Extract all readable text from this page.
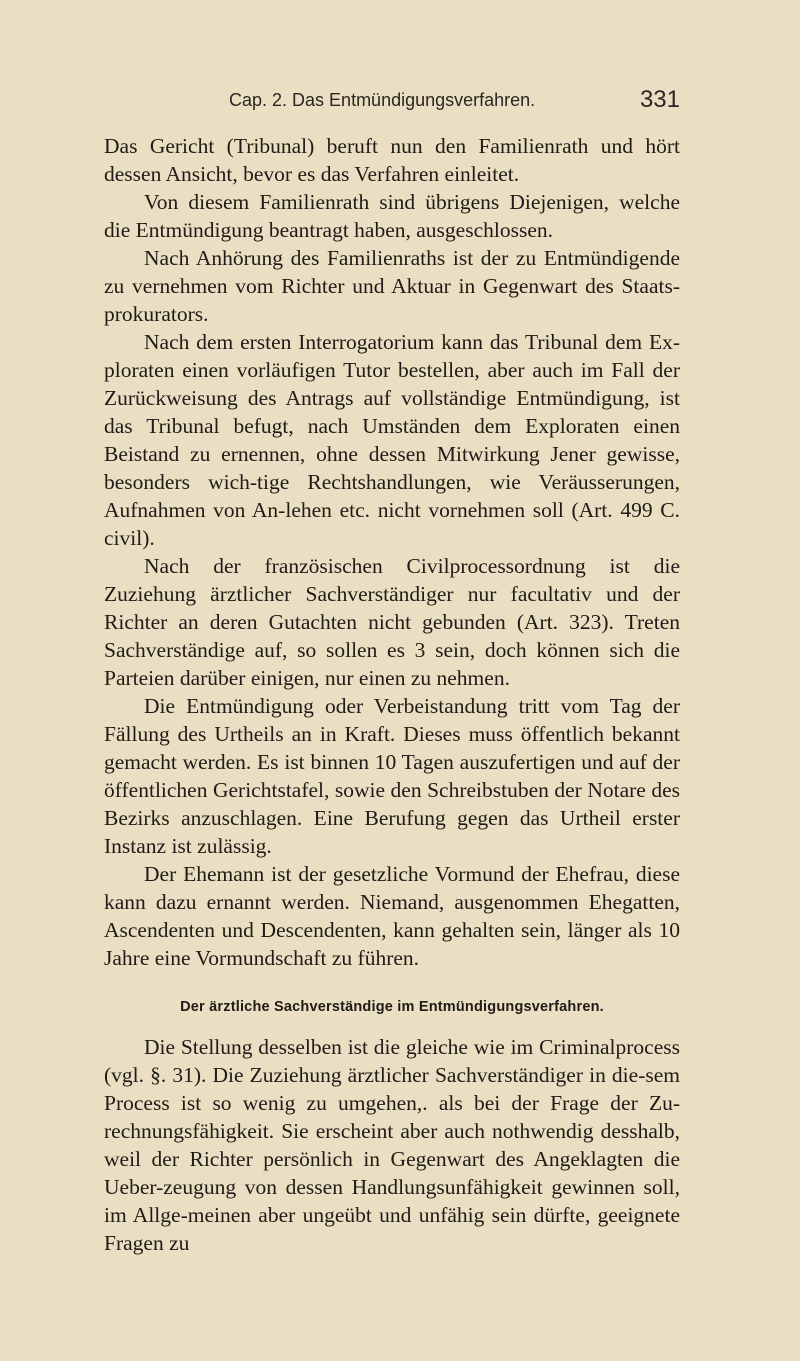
Cap. 2. Das Entmündigungsverfahren.	331

Das Gericht (Tribunal) beruft nun den Familienrath und hört dessen Ansicht, bevor es das Verfahren einleitet.

Von diesem Familienrath sind übrigens Diejenigen, welche die Entmündigung beantragt haben, ausgeschlossen.

Nach Anhörung des Familienraths ist der zu Entmündigende zu vernehmen vom Richter und Aktuar in Gegenwart des Staats-prokurators.

Nach dem ersten Interrogatorium kann das Tribunal dem Ex-ploraten einen vorläufigen Tutor bestellen, aber auch im Fall der Zurückweisung des Antrags auf vollständige Entmündigung, ist das Tribunal befugt, nach Umständen dem Exploraten einen Beistand zu ernennen, ohne dessen Mitwirkung Jener gewisse, besonders wich-tige Rechtshandlungen, wie Veräusserungen, Aufnahmen von An-lehen etc. nicht vornehmen soll (Art. 499 C. civil).

Nach der französischen Civilprocessordnung ist die Zuziehung ärztlicher Sachverständiger nur facultativ und der Richter an deren Gutachten nicht gebunden (Art. 323). Treten Sachverständige auf, so sollen es 3 sein, doch können sich die Parteien darüber einigen, nur einen zu nehmen.

Die Entmündigung oder Verbeistandung tritt vom Tag der Fällung des Urtheils an in Kraft. Dieses muss öffentlich bekannt gemacht werden. Es ist binnen 10 Tagen auszufertigen und auf der öffentlichen Gerichtstafel, sowie den Schreibstuben der Notare des Bezirks anzuschlagen. Eine Berufung gegen das Urtheil erster Instanz ist zulässig.

Der Ehemann ist der gesetzliche Vormund der Ehefrau, diese kann dazu ernannt werden. Niemand, ausgenommen Ehegatten, Ascendenten und Descendenten, kann gehalten sein, länger als 10 Jahre eine Vormundschaft zu führen.

Der ärztliche Sachverständige im Entmündigungsverfahren.

Die Stellung desselben ist die gleiche wie im Criminalprocess (vgl. §. 31). Die Zuziehung ärztlicher Sachverständiger in die-sem Process ist so wenig zu umgehen,. als bei der Frage der Zu-rechnungsfähigkeit. Sie erscheint aber auch nothwendig desshalb, weil der Richter persönlich in Gegenwart des Angeklagten die Ueber-zeugung von dessen Handlungsunfähigkeit gewinnen soll, im Allge-meinen aber ungeübt und unfähig sein dürfte, geeignete Fragen zu
